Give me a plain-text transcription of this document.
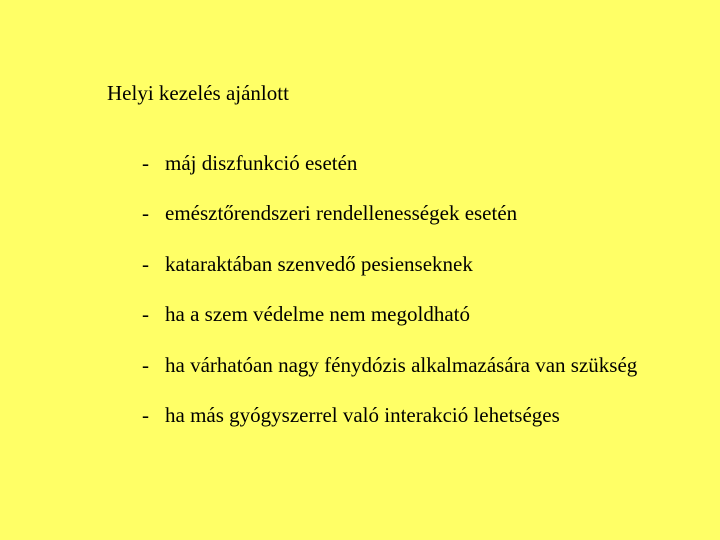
Helyi kezelés ajánlott
- máj diszfunkció esetén
- emésztőrendszeri rendellenességek esetén
- kataraktában szenvedő pesienseknek
- ha a szem védelme nem megoldható
- ha várhatóan nagy fénydózis alkalmazására van szükség
- ha más gyógyszerrel való interakció lehetséges
